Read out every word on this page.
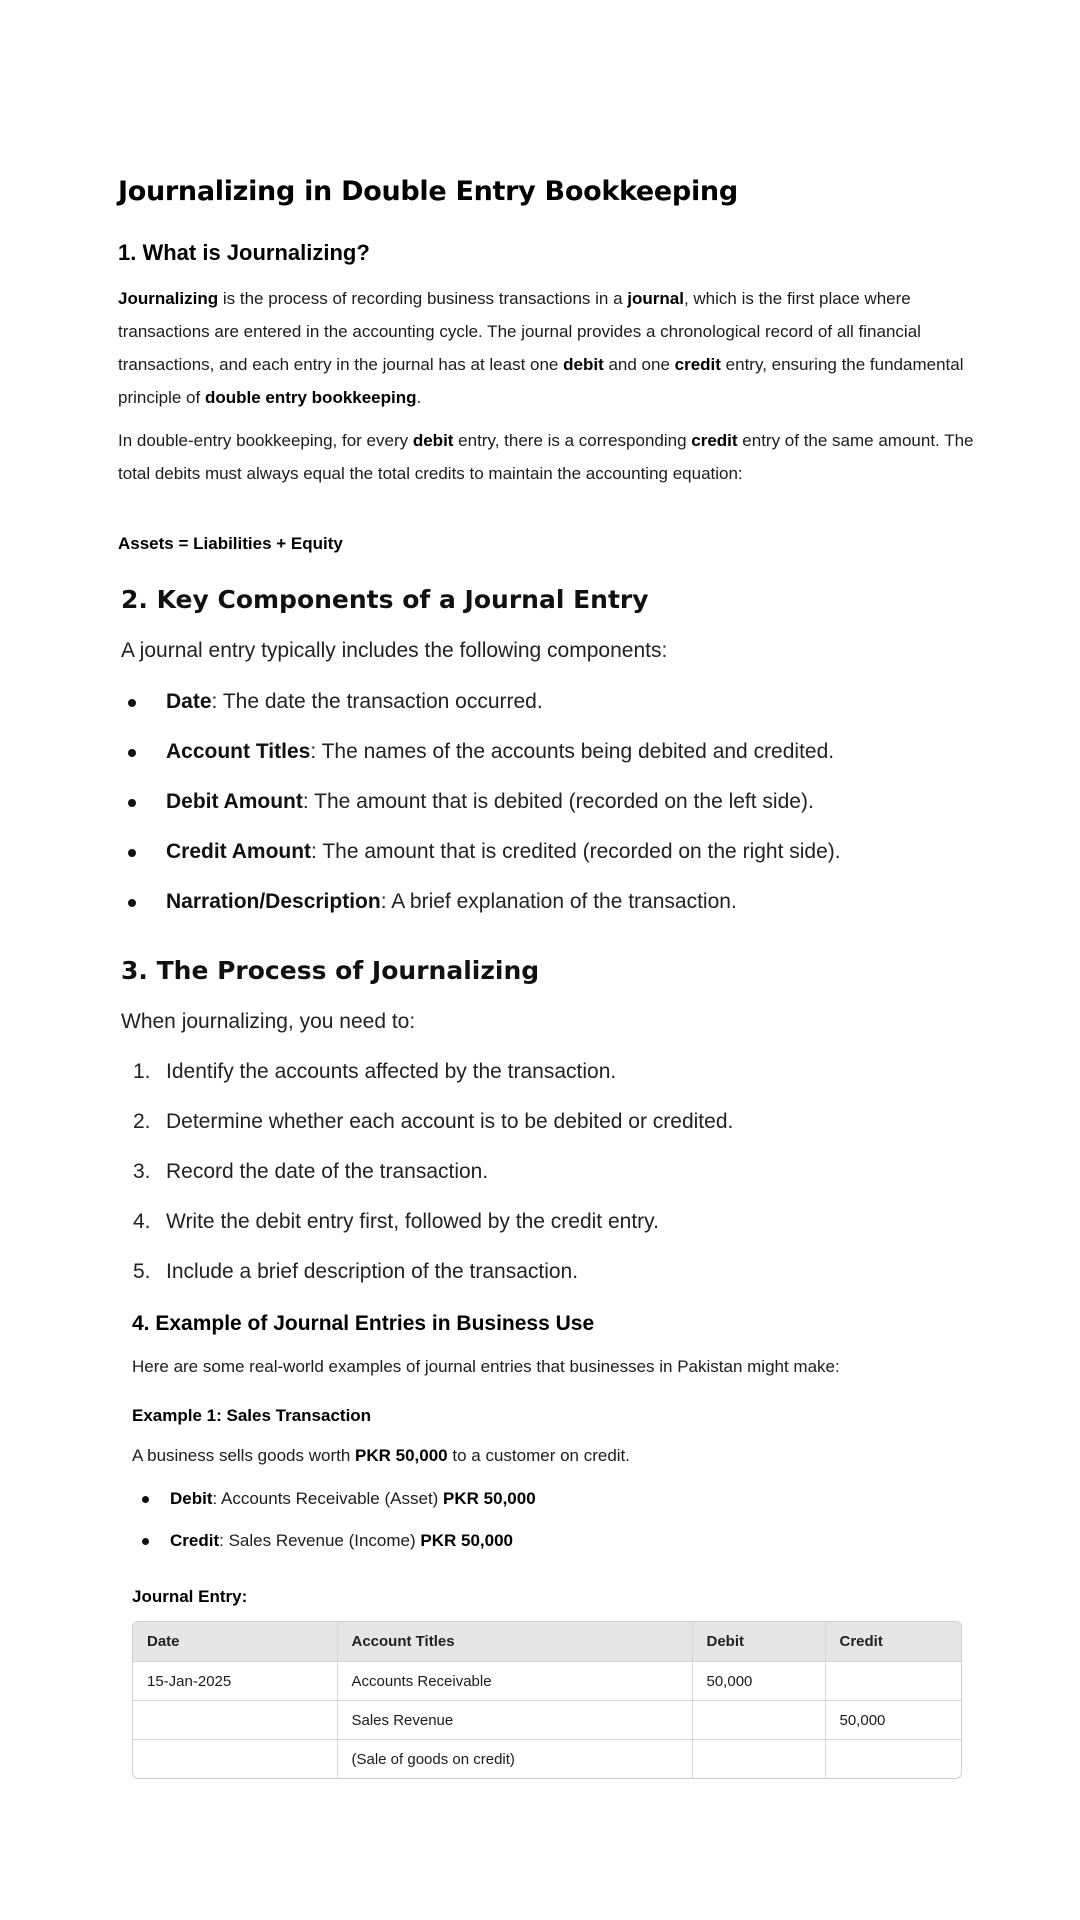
Journalizing in Double Entry Bookkeeping
1. What is Journalizing?

Journalizing is the process of recording business transactions in a journal, which is the first place where transactions are entered in the accounting cycle. The journal provides a chronological record of all financial transactions, and each entry in the journal has at least one debit and one credit entry, ensuring the fundamental principle of double entry bookkeeping.

In double-entry bookkeeping, for every debit entry, there is a corresponding credit entry of the same amount. The total debits must always equal the total credits to maintain the accounting equation:

Assets = Liabilities + Equity

2. Key Components of a Journal Entry

A journal entry typically includes the following components:

Date: The date the transaction occurred.
Account Titles: The names of the accounts being debited and credited.
Debit Amount: The amount that is debited (recorded on the left side).
Credit Amount: The amount that is credited (recorded on the right side).
Narration/Description: A brief explanation of the transaction.
3. The Process of Journalizing

When journalizing, you need to:

1. Identify the accounts affected by the transaction.
2. Determine whether each account is to be debited or credited.
3. Record the date of the transaction.
4. Write the debit entry first, followed by the credit entry.
5. Include a brief description of the transaction.
4. Example of Journal Entries in Business Use

Here are some real-world examples of journal entries that businesses in Pakistan might make:

Example 1: Sales Transaction

A business sells goods worth PKR 50,000 to a customer on credit.

Debit: Accounts Receivable (Asset) PKR 50,000
Credit: Sales Revenue (Income) PKR 50,000

Journal Entry:

Date	Account Titles	Debit	Credit
15-Jan-2025	Accounts Receivable	50,000	
	Sales Revenue		50,000
	(Sale of goods on credit)		
